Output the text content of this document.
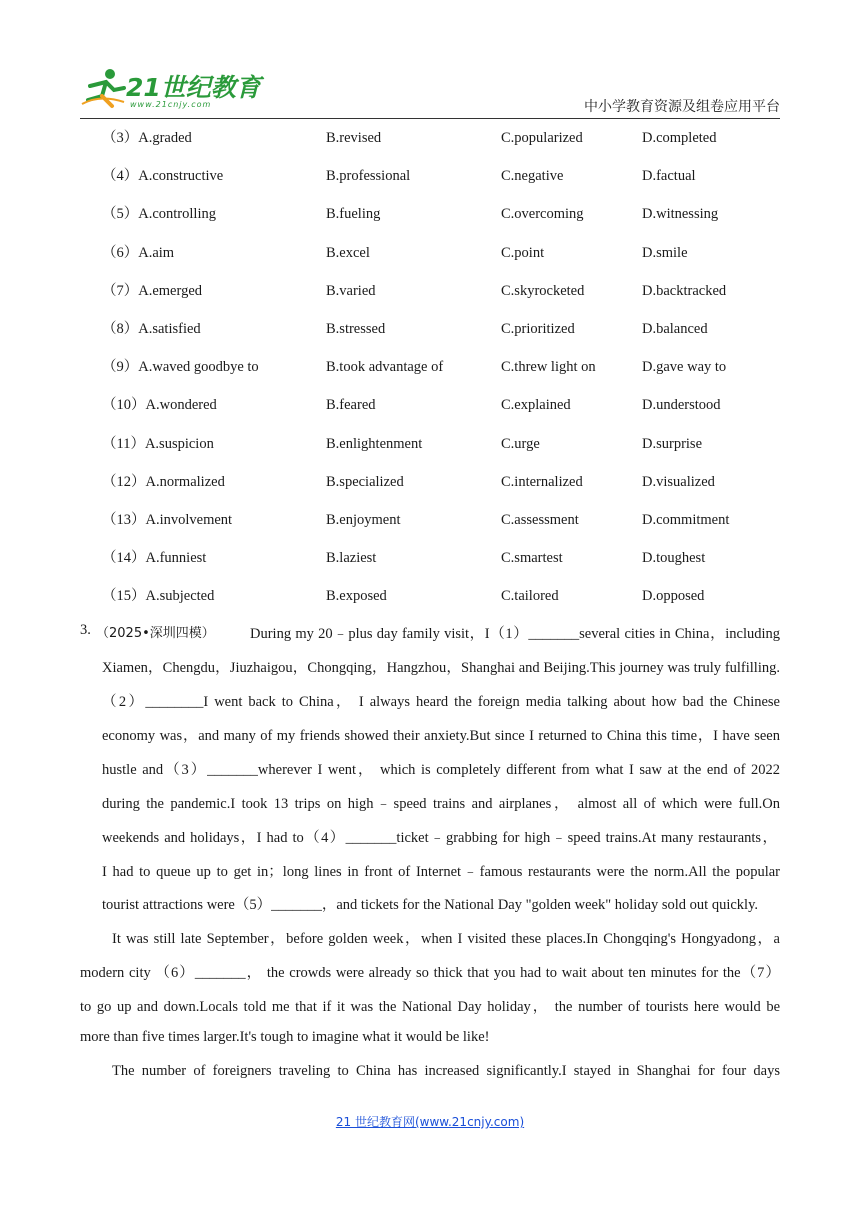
21世纪教育
www.21cnjy.com	中小学教育资源及组卷应用平台
（3）A.graded	B.revised	C.popularized	D.completed
（4）A.constructive	B.professional	C.negative	D.factual
（5）A.controlling	B.fueling	C.overcoming	D.witnessing
（6）A.aim	B.excel	C.point	D.smile
（7）A.emerged	B.varied	C.skyrocketed	D.backtracked
（8）A.satisfied	B.stressed	C.prioritized	D.balanced
（9）A.waved goodbye to	B.took advantage of	C.threw light on	D.gave way to
（10）A.wondered	B.feared	C.explained	D.understood
（11）A.suspicion	B.enlightenment	C.urge	D.surprise
（12）A.normalized	B.specialized	C.internalized	D.visualized
（13）A.involvement	B.enjoyment	C.assessment	D.commitment
（14）A.funniest	B.laziest	C.smartest	D.toughest
（15）A.subjected	B.exposed	C.tailored	D.opposed
3. （2025•深圳四模） During my 20﹣plus day family visit，I（1）_______several cities in China，including
Xiamen，Chengdu，Jiuzhaigou，Chongqing，Hangzhou，Shanghai and Beijing.This journey was truly fulfilling.
（2）________I went back to China， I always heard the foreign media talking about how bad the Chinese
economy was，and many of my friends showed their anxiety.But since I returned to China this time，I have seen
hustle and（3）_______wherever I went， which is completely different from what I saw at the end of 2022
during the pandemic.I took 13 trips on high﹣speed trains and airplanes， almost all of which were full.On
weekends and holidays，I had to（4）_______ticket﹣grabbing for high﹣speed trains.At many restaurants，
I had to queue up to get in；long lines in front of Internet﹣famous restaurants were the norm.All the popular
tourist attractions were（5）_______，and tickets for the National Day "golden week" holiday sold out quickly.
It was still late September，before golden week，when I visited these places.In Chongqing's Hongyadong，a
modern city （6）_______， the crowds were already so thick that you had to wait about ten minutes for the（7）
to go up and down.Locals told me that if it was the National Day holiday， the number of tourists here would be
more than five times larger.It's tough to imagine what it would be like!
The number of foreigners traveling to China has increased significantly.I stayed in Shanghai for four days
21 世纪教育网(www.21cnjy.com)
